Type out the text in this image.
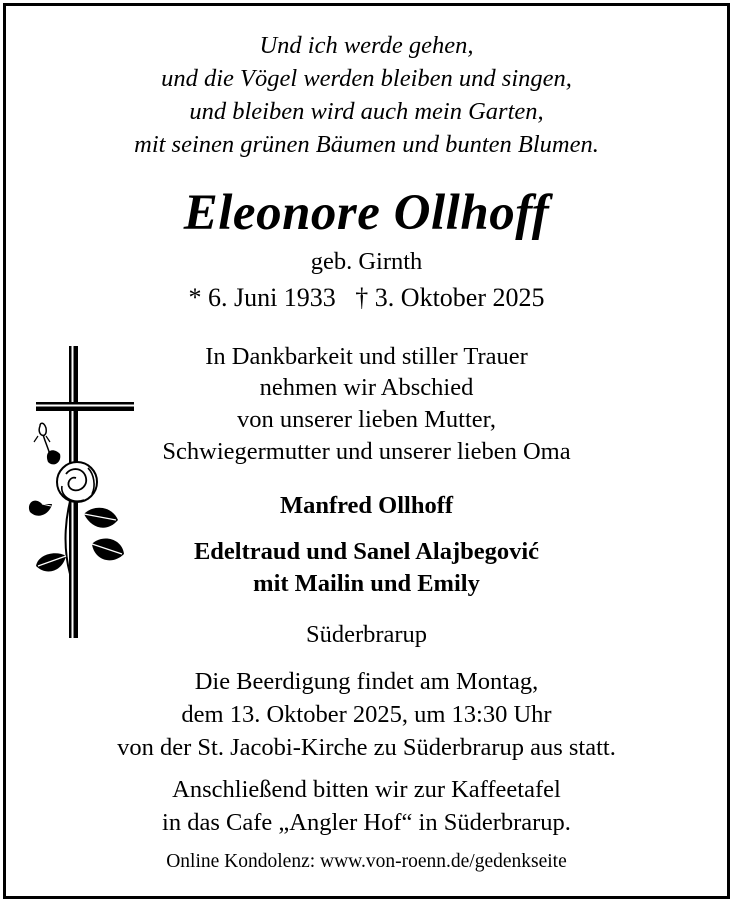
Und ich werde gehen,
und die Vögel werden bleiben und singen,
und bleiben wird auch mein Garten,
mit seinen grünen Bäumen und bunten Blumen.
Eleonore Ollhoff
geb. Girnth
* 6. Juni 1933   † 3. Oktober 2025
In Dankbarkeit und stiller Trauer
nehmen wir Abschied
von unserer lieben Mutter,
Schwiegermutter und unserer lieben Oma
Manfred Ollhoff
Edeltraud und Sanel Alajbegović
mit Mailin und Emily
Süderbrarup
Die Beerdigung findet am Montag,
dem 13. Oktober 2025, um 13:30 Uhr
von der St. Jacobi-Kirche zu Süderbrarup aus statt.
Anschließend bitten wir zur Kaffeetafel
in das Cafe „Angler Hof“ in Süderbrarup.
Online Kondolenz: www.von-roenn.de/gedenkseite
